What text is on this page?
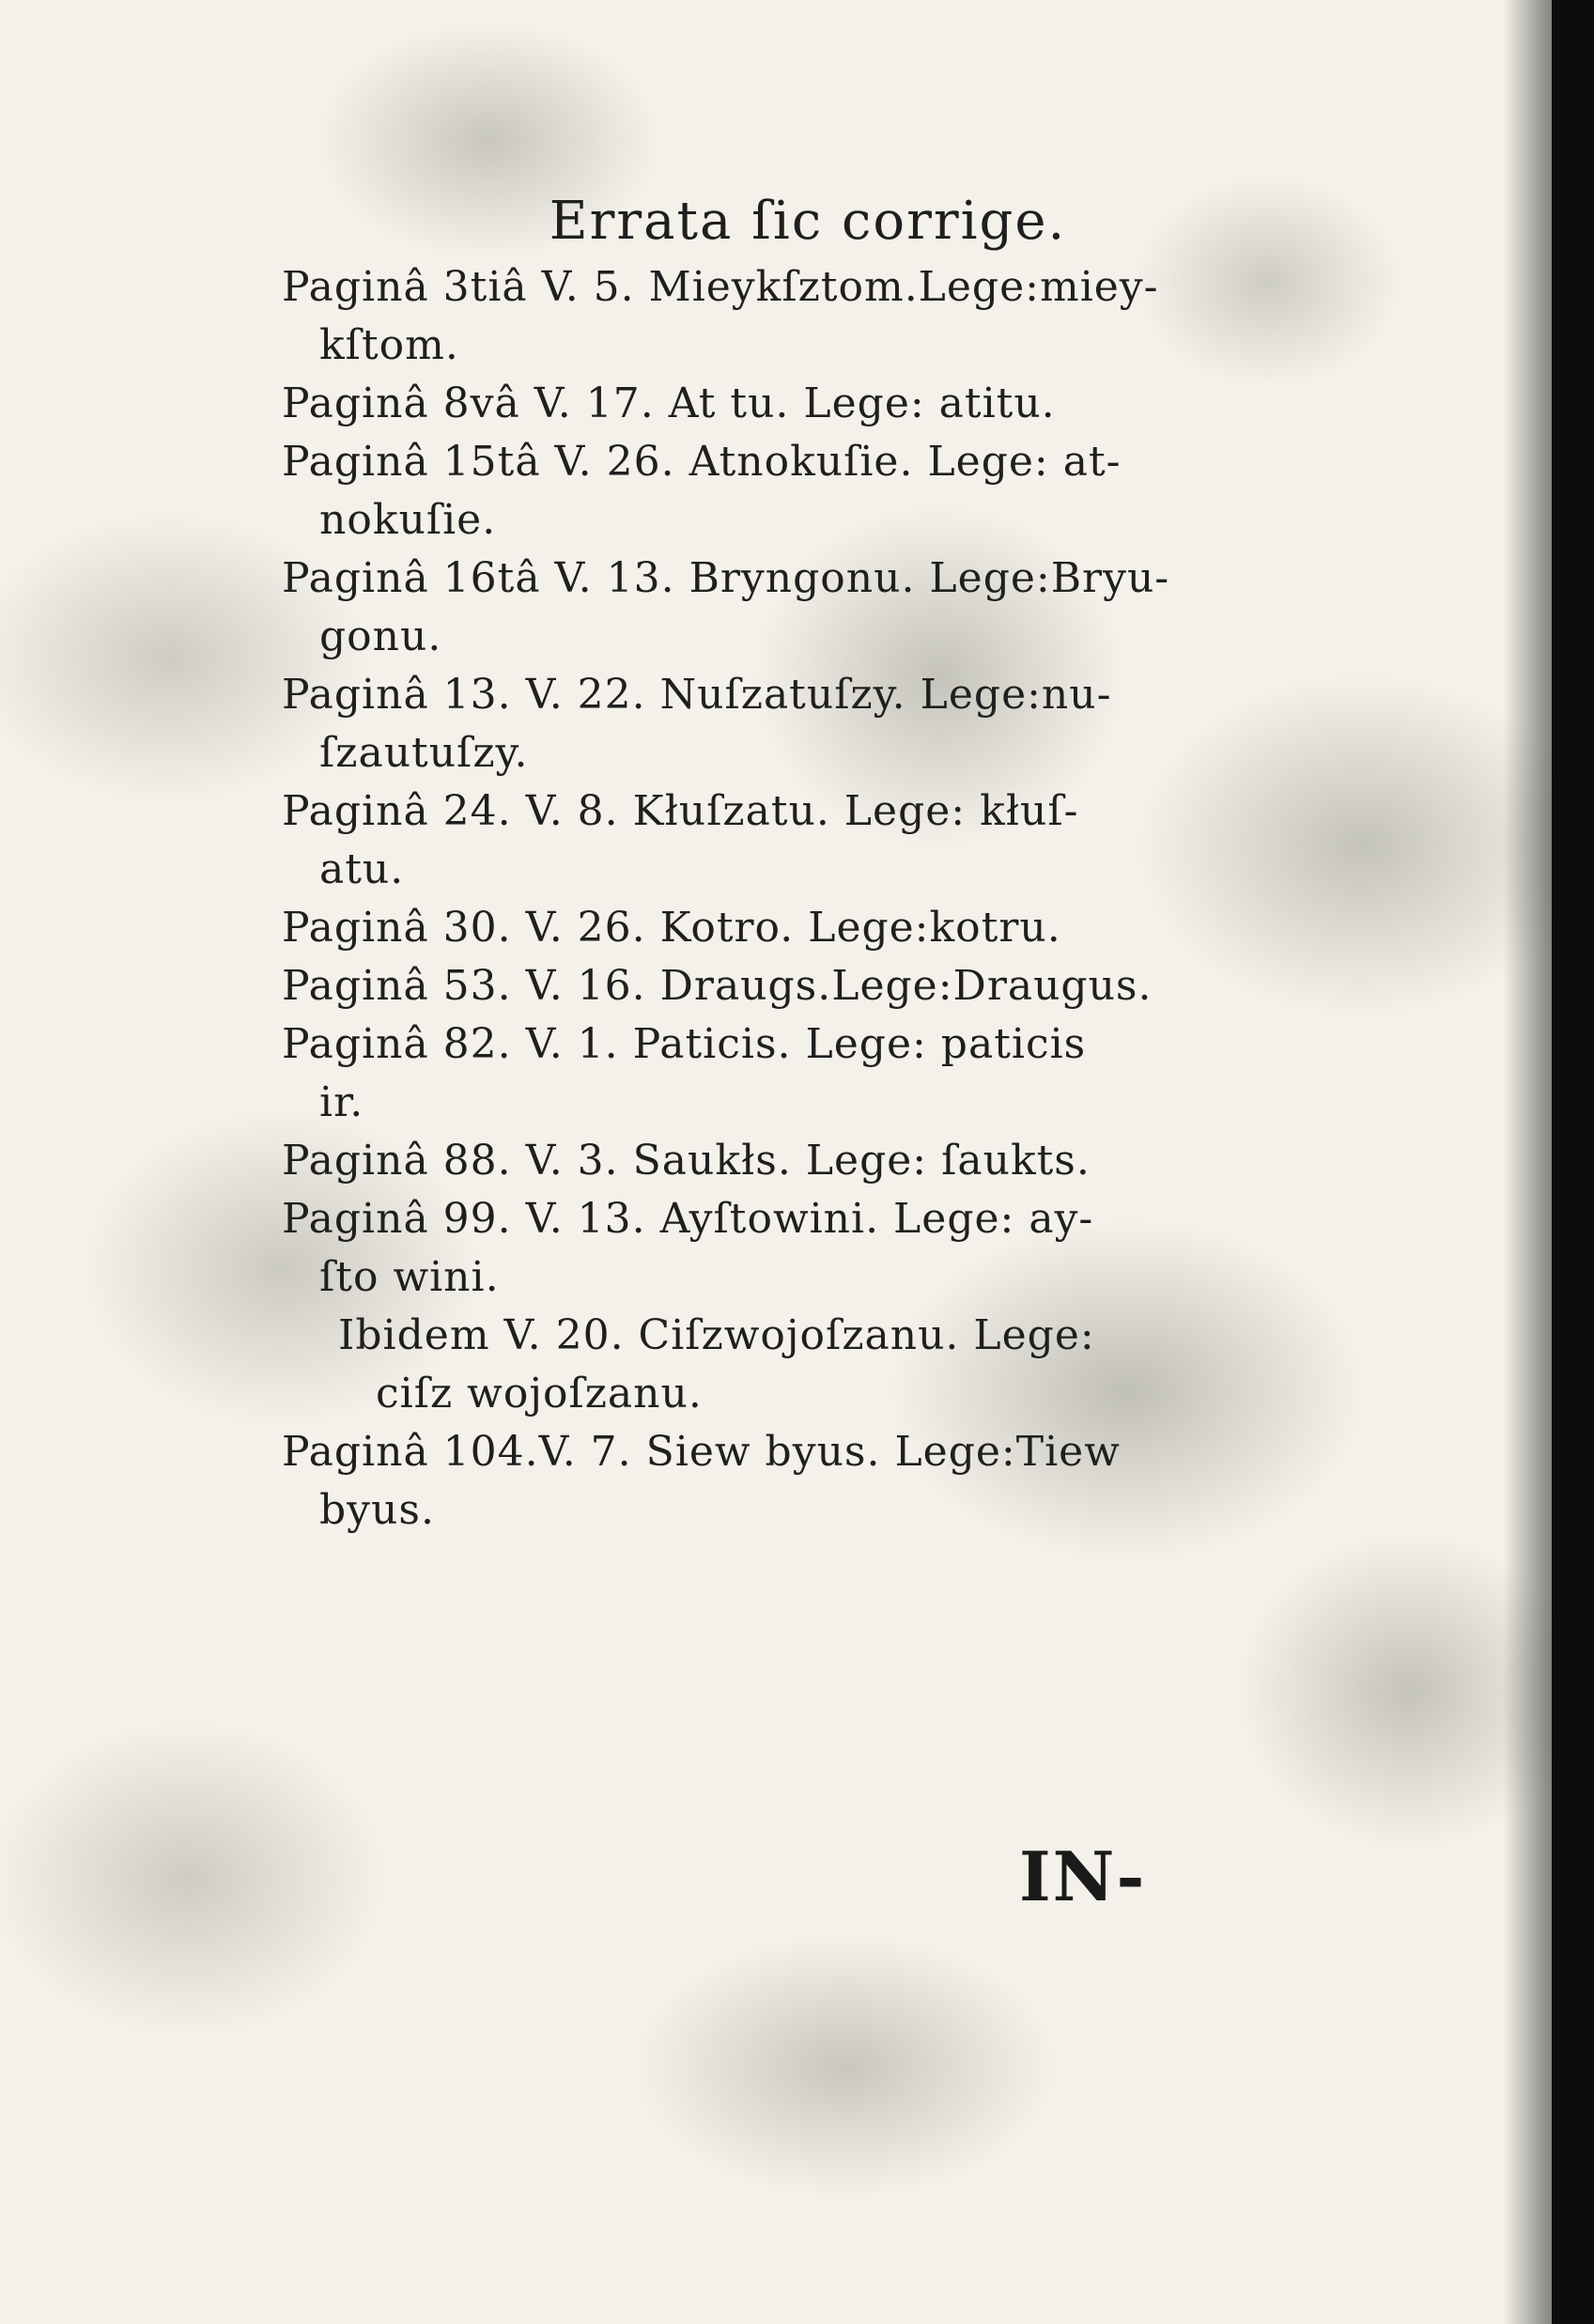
Errata ſic corrige.
Paginâ 3tiâ V. 5. Mieykſztom.Lege:miey-
kſtom.
Paginâ 8vâ V. 17. At tu. Lege: atitu.
Paginâ 15tâ V. 26. Atnokuſie. Lege: at-
nokuſie.
Paginâ 16tâ V. 13. Bryngonu. Lege:Bryu-
gonu.
Paginâ 13. V. 22. Nuſzatuſzy. Lege:nu-
ſzautuſzy.
Paginâ 24. V. 8. Kłuſzatu. Lege: kłuſ-
atu.
Paginâ 30. V. 26. Kotro. Lege:kotru.
Paginâ 53. V. 16. Draugs.Lege:Draugus.
Paginâ 82. V. 1. Paticis. Lege: paticis
ir.
Paginâ 88. V. 3. Saukłs. Lege: ſaukts.
Paginâ 99. V. 13. Ayſtowini. Lege: ay-
ſto wini.
Ibidem V. 20. Ciſzwojoſzanu. Lege:
ciſz wojoſzanu.
Paginâ 104.V. 7. Siew byus. Lege:Tiew
byus.
IN-
